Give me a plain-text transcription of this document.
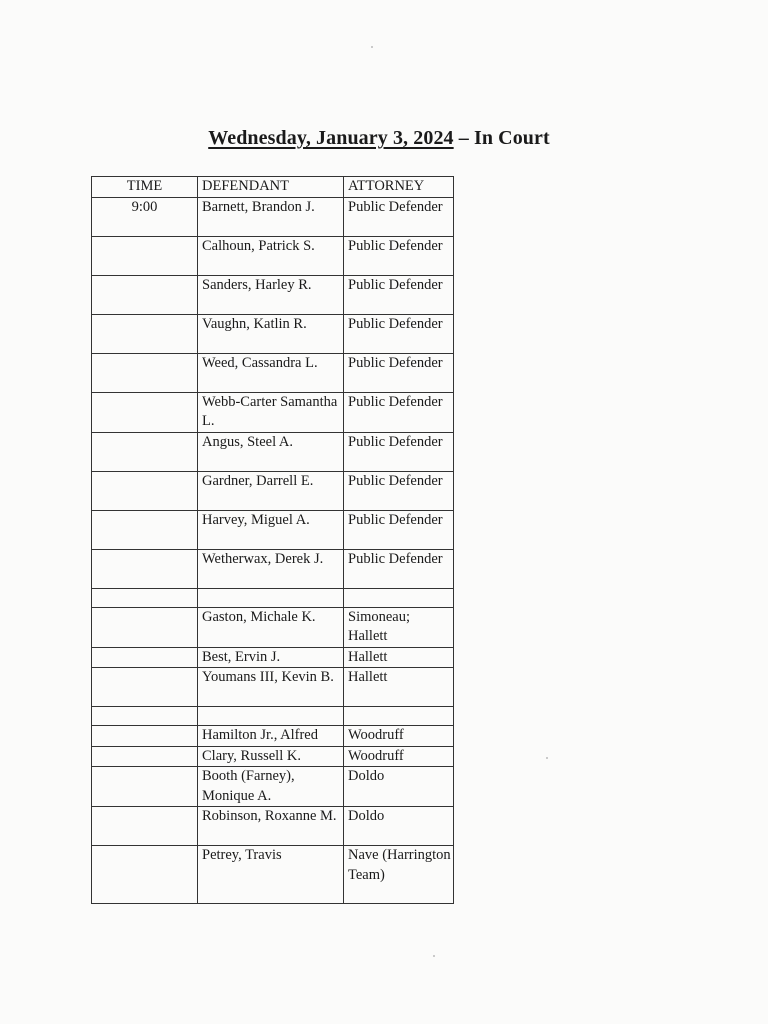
Wednesday, January 3, 2024 – In Court
TIME	DEFENDANT	ATTORNEY
9:00	Barnett, Brandon J.	Public Defender
	Calhoun, Patrick S.	Public Defender
	Sanders, Harley R.	Public Defender
	Vaughn, Katlin R.	Public Defender
	Weed, Cassandra L.	Public Defender
	Webb-Carter Samantha L.	Public Defender
	Angus, Steel A.	Public Defender
	Gardner, Darrell E.	Public Defender
	Harvey, Miguel A.	Public Defender
	Wetherwax, Derek J.	Public Defender

	Gaston, Michale K.	Simoneau; Hallett
	Best, Ervin J.	Hallett
	Youmans III, Kevin B.	Hallett

	Hamilton Jr., Alfred	Woodruff
	Clary, Russell K.	Woodruff
	Booth (Farney), Monique A.	Doldo
	Robinson, Roxanne M.	Doldo
	Petrey, Travis	Nave (Harrington Team)
